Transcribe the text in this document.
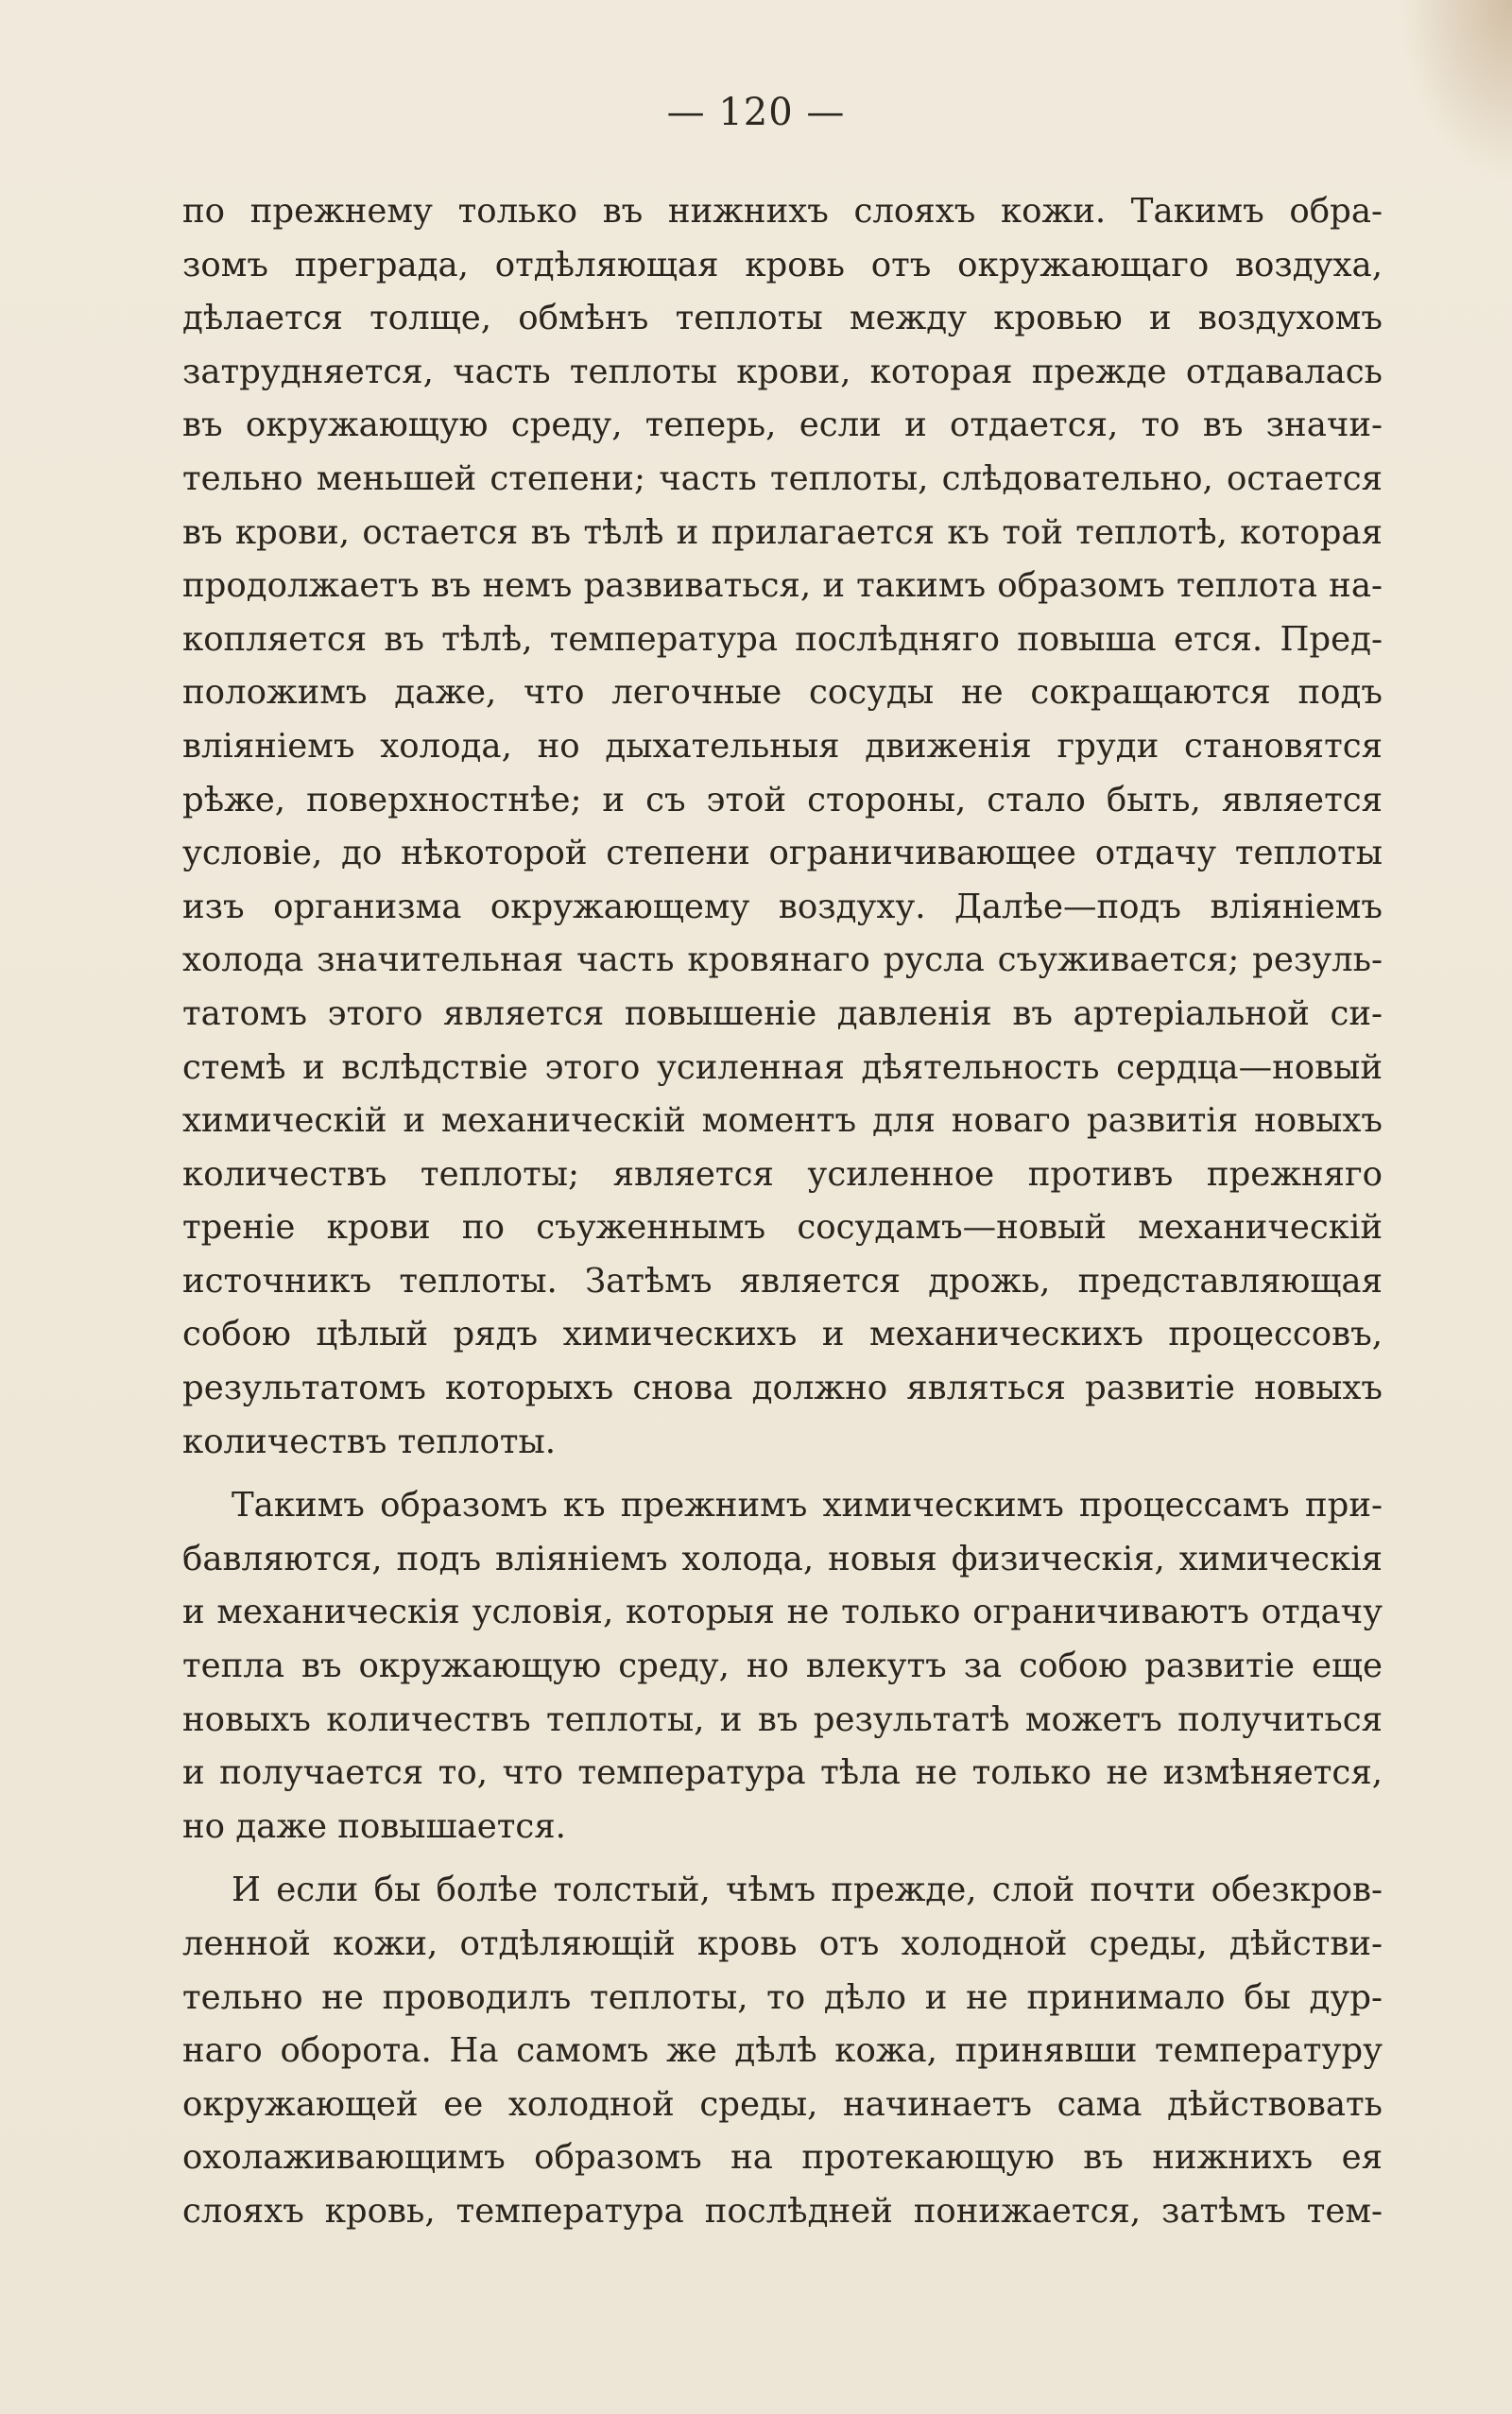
— 120 —
по прежнему только въ нижнихъ слояхъ кожи. Такимъ обра-
зомъ преграда, отдѣляющая кровь отъ окружающаго воздуха,
дѣлается толще, обмѣнъ теплоты между кровью и воздухомъ
затрудняется, часть теплоты крови, которая прежде отдавалась
въ окружающую среду, теперь, если и отдается, то въ значи-
тельно меньшей степени; часть теплоты, слѣдовательно, остается
въ крови, остается въ тѣлѣ и прилагается къ той теплотѣ, которая
продолжаетъ въ немъ развиваться, и такимъ образомъ теплота на-
копляется въ тѣлѣ, температура послѣдняго повыша ется. Пред-
положимъ даже, что легочные сосуды не сокращаются подъ
вліяніемъ холода, но дыхательныя движенія груди становятся
рѣже, поверхностнѣе; и съ этой стороны, стало быть, является
условіе, до нѣкоторой степени ограничивающее отдачу теплоты
изъ организма окружающему воздуху. Далѣе—подъ вліяніемъ
холода значительная часть кровянаго русла съуживается; резуль-
татомъ этого является повышеніе давленія въ артеріальной си-
стемѣ и вслѣдствіе этого усиленная дѣятельность сердца—новый
химическій и механическій моментъ для новаго развитія новыхъ
количествъ теплоты; является усиленное противъ прежняго
треніе крови по съуженнымъ сосудамъ—новый механическій
источникъ теплоты. Затѣмъ является дрожь, представляющая
собою цѣлый рядъ химическихъ и механическихъ процессовъ,
результатомъ которыхъ снова должно являться развитіе новыхъ
количествъ теплоты.
Такимъ образомъ къ прежнимъ химическимъ процессамъ при-
бавляются, подъ вліяніемъ холода, новыя физическія, химическія
и механическія условія, которыя не только ограничиваютъ отдачу
тепла въ окружающую среду, но влекутъ за собою развитіе еще
новыхъ количествъ теплоты, и въ результатѣ можетъ получиться
и получается то, что температура тѣла не только не измѣняется,
но даже повышается.
И если бы болѣе толстый, чѣмъ прежде, слой почти обезкров-
ленной кожи, отдѣляющій кровь отъ холодной среды, дѣйстви-
тельно не проводилъ теплоты, то дѣло и не принимало бы дур-
наго оборота. На самомъ же дѣлѣ кожа, принявши температуру
окружающей ее холодной среды, начинаетъ сама дѣйствовать
охолаживающимъ образомъ на протекающую въ нижнихъ ея
слояхъ кровь, температура послѣдней понижается, затѣмъ тем-
